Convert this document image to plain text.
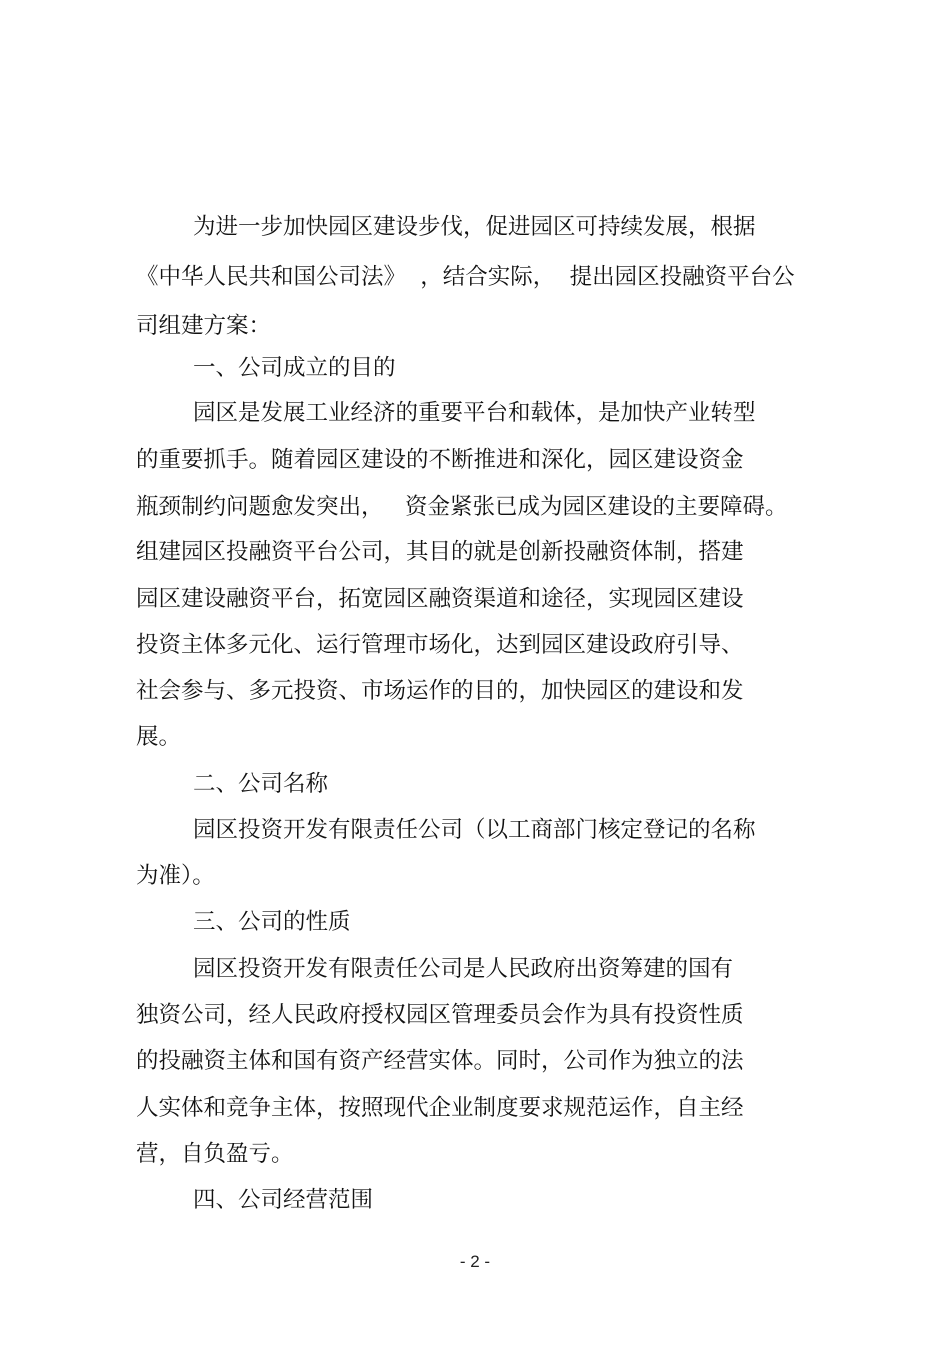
为进一步加快园区建设步伐，促进园区可持续发展，根据
《中华人民共和国公司法》  ，结合实际，  提出园区投融资平台公
司组建方案：
一、公司成立的目的
园区是发展工业经济的重要平台和载体，是加快产业转型
的重要抓手。随着园区建设的不断推进和深化，园区建设资金
瓶颈制约问题愈发突出，   资金紧张已成为园区建设的主要障碍。
组建园区投融资平台公司，其目的就是创新投融资体制，搭建
园区建设融资平台，拓宽园区融资渠道和途径，实现园区建设
投资主体多元化、运行管理市场化，达到园区建设政府引导、
社会参与、多元投资、市场运作的目的，加快园区的建设和发
展。
二、公司名称
园区投资开发有限责任公司（以工商部门核定登记的名称
为准）。
三、公司的性质
园区投资开发有限责任公司是人民政府出资筹建的国有
独资公司，经人民政府授权园区管理委员会作为具有投资性质
的投融资主体和国有资产经营实体。同时，公司作为独立的法
人实体和竞争主体，按照现代企业制度要求规范运作，自主经
营，自负盈亏。
四、公司经营范围
- 2 -
